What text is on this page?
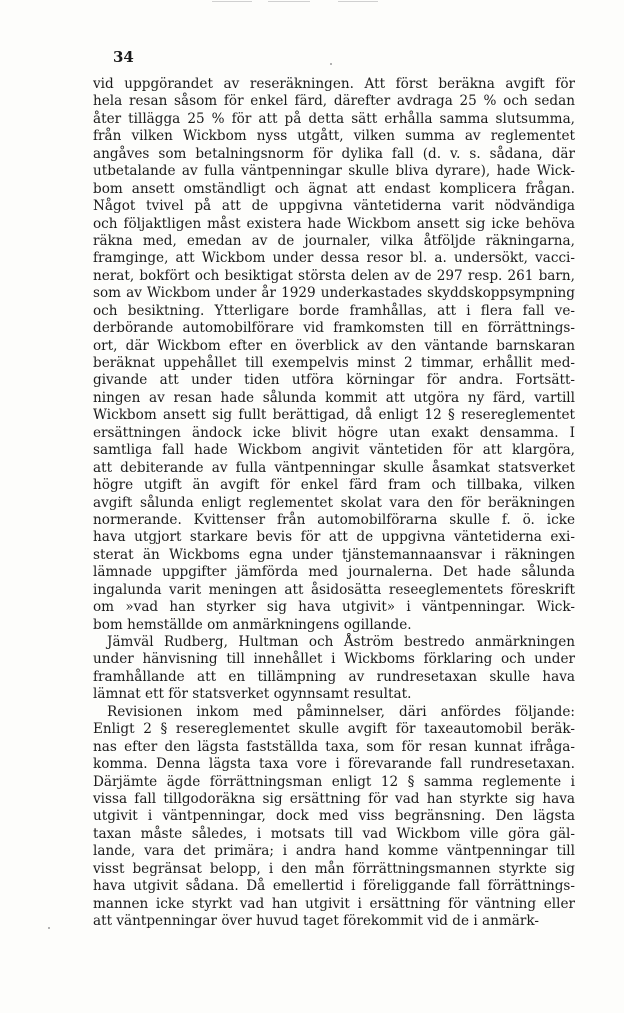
34

vid uppgörandet av reseräkningen. Att först beräkna avgift för
hela resan såsom för enkel färd, därefter avdraga 25 % och sedan
åter tillägga 25 % för att på detta sätt erhålla samma slutsumma,
från vilken Wickbom nyss utgått, vilken summa av reglementet
angåves som betalningsnorm för dylika fall (d. v. s. sådana, där
utbetalande av fulla väntpenningar skulle bliva dyrare), hade Wick-
bom ansett omständligt och ägnat att endast komplicera frågan.
Något tvivel på att de uppgivna väntetiderna varit nödvändiga
och följaktligen måst existera hade Wickbom ansett sig icke behöva
räkna med, emedan av de journaler, vilka åtföljde räkningarna,
framginge, att Wickbom under dessa resor bl. a. undersökt, vacci-
nerat, bokfört och besiktigat största delen av de 297 resp. 261 barn,
som av Wickbom under år 1929 underkastades skyddskoppsympning
och besiktning. Ytterligare borde framhållas, att i flera fall ve-
derbörande automobilförare vid framkomsten till en förrättnings-
ort, där Wickbom efter en överblick av den väntande barnskaran
beräknat uppehållet till exempelvis minst 2 timmar, erhållit med-
givande att under tiden utföra körningar för andra. Fortsätt-
ningen av resan hade sålunda kommit att utgöra ny färd, vartill
Wickbom ansett sig fullt berättigad, då enligt 12 § resereglementet
ersättningen ändock icke blivit högre utan exakt densamma. I
samtliga fall hade Wickbom angivit väntetiden för att klargöra,
att debiterande av fulla väntpenningar skulle åsamkat statsverket
högre utgift än avgift för enkel färd fram och tillbaka, vilken
avgift sålunda enligt reglementet skolat vara den för beräkningen
normerande. Kvittenser från automobilförarna skulle f. ö. icke
hava utgjort starkare bevis för att de uppgivna väntetiderna exi-
sterat än Wickboms egna under tjänstemannaansvar i räkningen
lämnade uppgifter jämförda med journalerna. Det hade sålunda
ingalunda varit meningen att åsidosätta reseeglementets föreskrift
om »vad han styrker sig hava utgivit» i väntpenningar. Wick-
bom hemställde om anmärkningens ogillande.
Jämväl Rudberg, Hultman och Åström bestredo anmärkningen
under hänvisning till innehållet i Wickboms förklaring och under
framhållande att en tillämpning av rundresetaxan skulle hava
lämnat ett för statsverket ogynnsamt resultat.
Revisionen inkom med påminnelser, däri anfördes följande:
Enligt 2 § resereglementet skulle avgift för taxeautomobil beräk-
nas efter den lägsta fastställda taxa, som för resan kunnat ifråga-
komma. Denna lägsta taxa vore i förevarande fall rundresetaxan.
Därjämte ägde förrättningsman enligt 12 § samma reglemente i
vissa fall tillgodoräkna sig ersättning för vad han styrkte sig hava
utgivit i väntpenningar, dock med viss begränsning. Den lägsta
taxan måste således, i motsats till vad Wickbom ville göra gäl-
lande, vara det primära; i andra hand komme väntpenningar till
visst begränsat belopp, i den mån förrättningsmannen styrkte sig
hava utgivit sådana. Då emellertid i föreliggande fall förrättnings-
mannen icke styrkt vad han utgivit i ersättning för väntning eller
att väntpenningar över huvud taget förekommit vid de i anmärk-
